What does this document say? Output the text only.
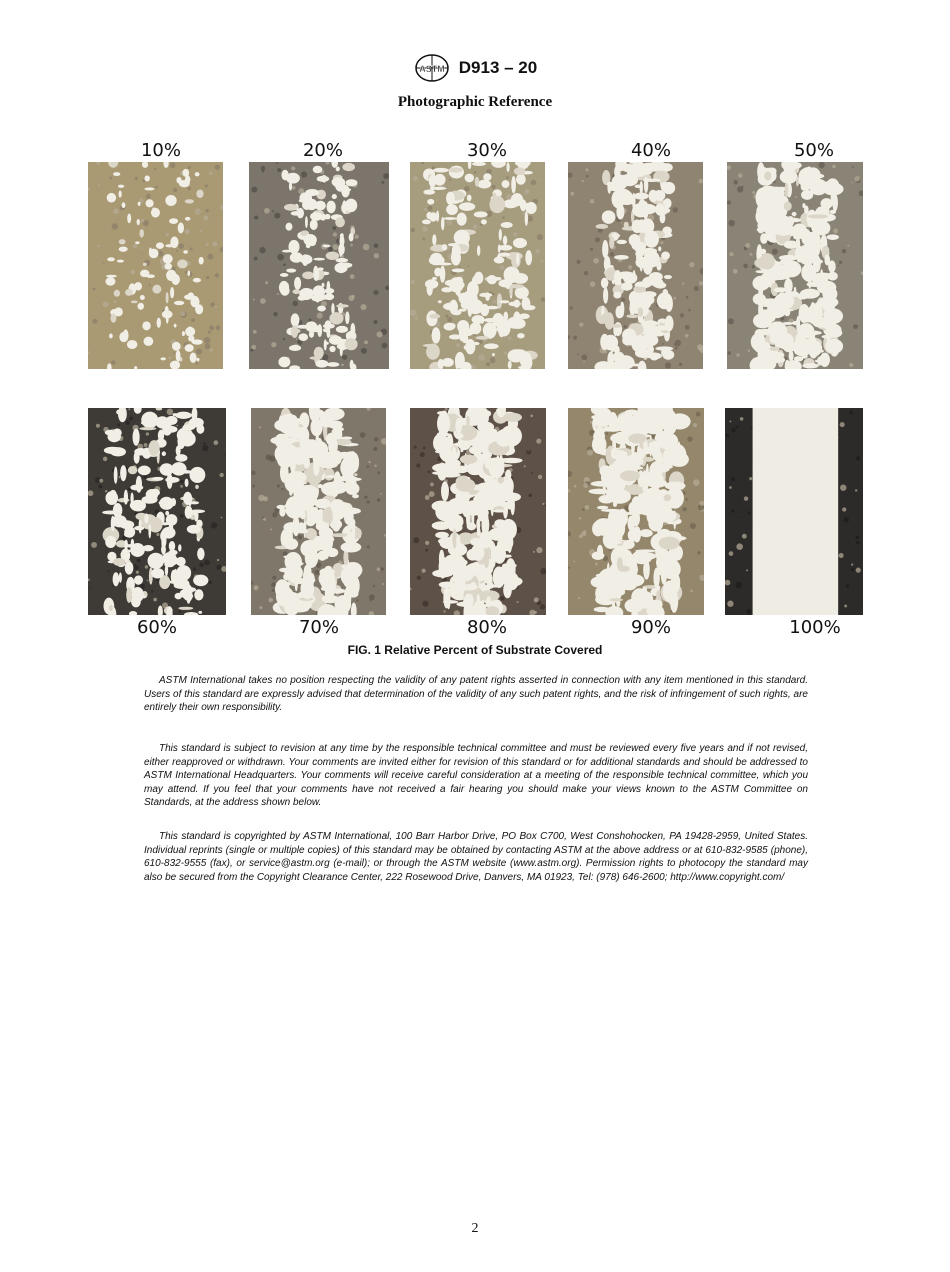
ASTM D913 – 20
Photographic Reference
10%	20%	30%	40%	50%
60%	70%	80%	90%	100%
FIG. 1 Relative Percent of Substrate Covered

ASTM International takes no position respecting the validity of any patent rights asserted in connection with any item mentioned in this standard. Users of this standard are expressly advised that determination of the validity of any such patent rights, and the risk of infringement of such rights, are entirely their own responsibility.

This standard is subject to revision at any time by the responsible technical committee and must be reviewed every five years and if not revised, either reapproved or withdrawn. Your comments are invited either for revision of this standard or for additional standards and should be addressed to ASTM International Headquarters. Your comments will receive careful consideration at a meeting of the responsible technical committee, which you may attend. If you feel that your comments have not received a fair hearing you should make your views known to the ASTM Committee on Standards, at the address shown below.

This standard is copyrighted by ASTM International, 100 Barr Harbor Drive, PO Box C700, West Conshohocken, PA 19428-2959, United States. Individual reprints (single or multiple copies) of this standard may be obtained by contacting ASTM at the above address or at 610-832-9585 (phone), 610-832-9555 (fax), or service@astm.org (e-mail); or through the ASTM website (www.astm.org). Permission rights to photocopy the standard may also be secured from the Copyright Clearance Center, 222 Rosewood Drive, Danvers, MA 01923, Tel: (978) 646-2600; http://www.copyright.com/

2
